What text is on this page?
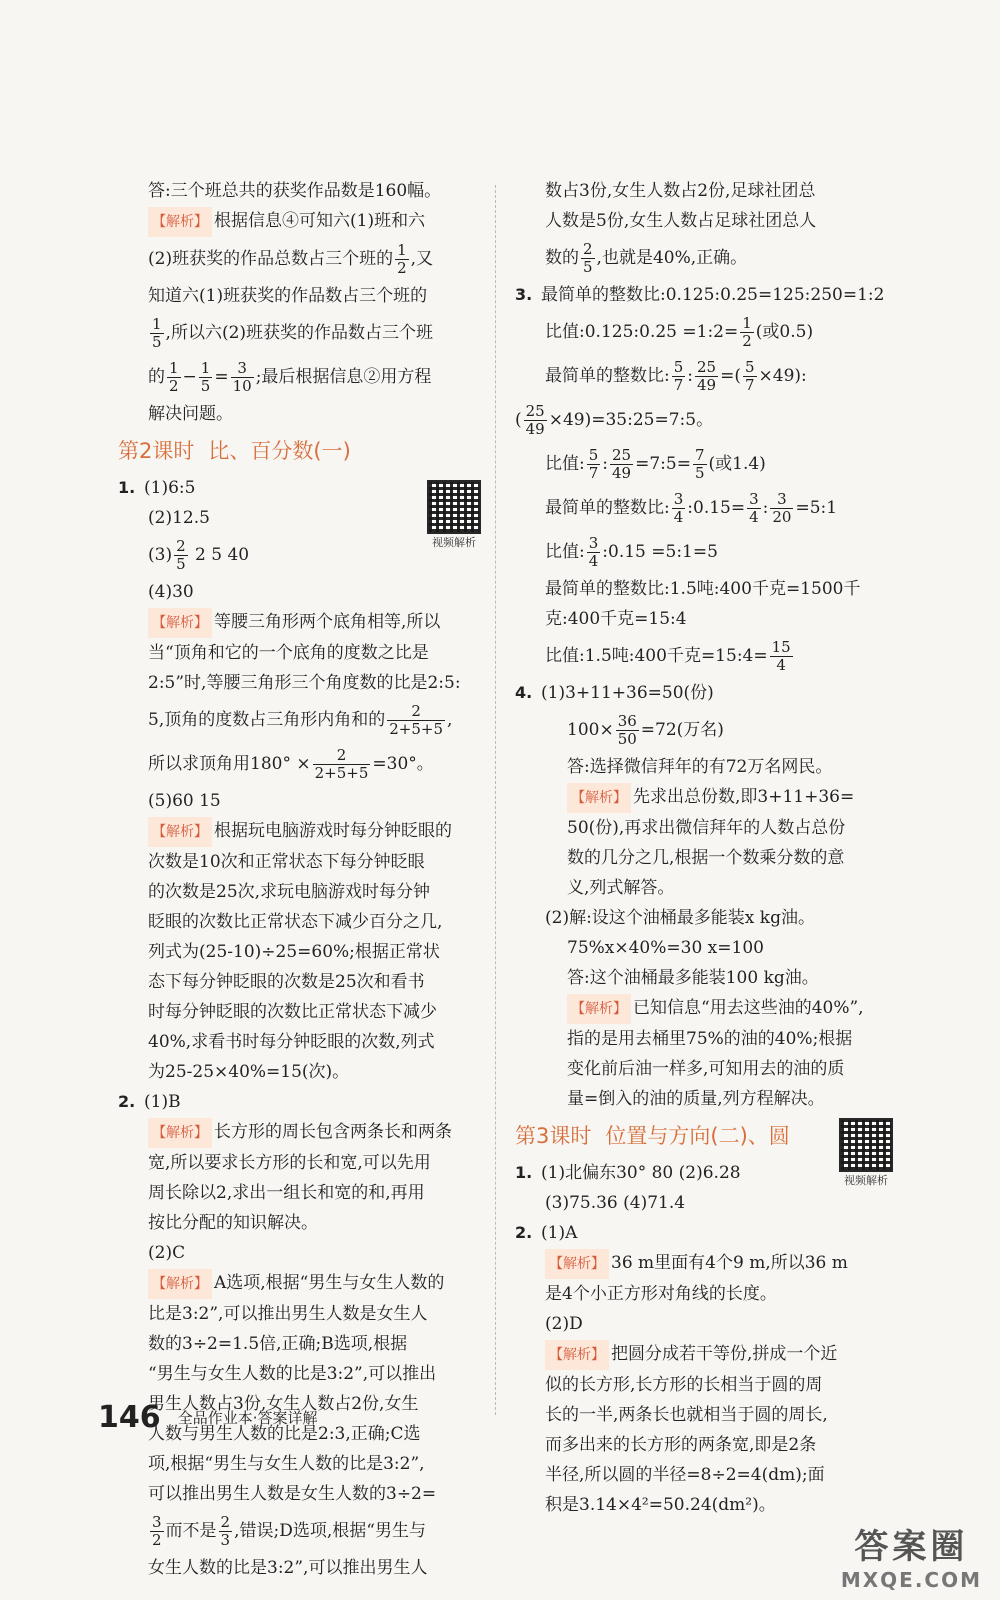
答:三个班总共的获奖作品数是160幅。

【解析】 根据信息④可知六(1)班和六

(2)班获奖的作品总数占三个班的 $\frac{1}{2}$ ,又

知道六(1)班获奖的作品数占三个班的

$\frac{1}{5}$ ,所以六(2)班获奖的作品数占三个班

的 $\frac{1}{2} - \frac{1}{5} = \frac{3}{10}$ ;最后根据信息②用方程

解决问题。

第2课时 比、百分数(一)

1. (1)6:5

(2)12.5

$(3) \frac{2}{5} 2$ 5 40

(4)30

【解析】 等腰三角形两个底角相等,所以

当“顶角和它的一个底角的度数之比是

2:5”时,等腰三角形三个角度数的比是2:5:

5,顶角的度数占三角形内角和的 $\frac{2}{2+5+5}$ ,

所以求顶角用$180^\circ \times \frac{2}{2+5+5} =30^\circ$。

(5)60 15

【解析】 根据玩电脑游戏时每分钟眨眼的

次数是10次和正常状态下每分钟眨眼

的次数是25次,求玩电脑游戏时每分钟

眨眼的次数比正常状态下减少百分之几,

列式为(25-10)÷25=60%;根据正常状

态下每分钟眨眼的次数是25次和看书

时每分钟眨眼的次数比正常状态下减少

40%,求看书时每分钟眨眼的次数,列式

为25-25×40%=15(次)。

2. (1)B

【解析】 长方形的周长包含两条长和两条

宽,所以要求长方形的长和宽,可以先用

周长除以2,求出一组长和宽的和,再用

按比分配的知识解决。

(2)C

【解析】 A选项,根据“男生与女生人数的

比是3:2”,可以推出男生人数是女生人

数的3÷2=1.5倍,正确;B选项,根据

“男生与女生人数的比是3:2”,可以推出

男生人数占3份,女生人数占2份,女生

人数与男生人数的比是2:3,正确;C选

项,根据“男生与女生人数的比是3:2”,

可以推出男生人数是女生人数的3÷2=

$\frac{3}{2}$ 而不是 $\frac{2}{3}$ ,错误;D选项,根据“男生与

女生人数的比是3:2”,可以推出男生人

视频解析

数占3份,女生人数占2份,足球社团总

人数是5份,女生人数占足球社团总人

数的 $\frac{2}{5}$ ,也就是40%,正确。

3. 最简单的整数比:0.125:0.25=125:250=1:2

比值:0.125:0.25 =1:2= $\frac{1}{2}$ (或0.5)

最简单的整数比: $\frac{5}{7}$ : $\frac{25}{49}$ =( $\frac{5}{7} \times 49$):

( $\frac{25}{49}$ ×49)=35:25=7:5。

比值: $\frac{5}{7}$ : $\frac{25}{49}$ =7:5= $\frac{7}{5}$ (或1.4)

最简单的整数比: $\frac{3}{4}$ :0.15= $\frac{3}{4}$ : $\frac{3}{20}$ =5:1

比值: $\frac{3}{4}$ :0.15 =5:1=5

最简单的整数比:1.5吨:400千克=1500千

克:400千克=15:4

比值:1.5吨:400千克=15:4= $\frac{15}{4}$

4. (1)3+11+36=50(份)

$100\times \frac{36}{50} =72$(万名)

答:选择微信拜年的有72万名网民。

【解析】 先求出总份数,即3+11+36=

50(份),再求出微信拜年的人数占总份

数的几分之几,根据一个数乘分数的意

义,列式解答。

(2)解:设这个油桶最多能装x kg油。

75%x×40%=30 x=100

答:这个油桶最多能装100 kg油。

【解析】 已知信息“用去这些油的40%”,

指的是用去桶里75%的油的40%;根据

变化前后油一样多,可知用去的油的质

量=倒入的油的质量,列方程解决。

第3课时 位置与方向(二)、圆

1. (1)北偏东30° 80 (2)6.28

(3)75.36 (4)71.4

2. (1)A

【解析】 36 m里面有4个9 m,所以36 m

是4个小正方形对角线的长度。

(2)D

【解析】 把圆分成若干等份,拼成一个近

似的长方形,长方形的长相当于圆的周

长的一半,两条长也就相当于圆的周长,

而多出来的长方形的两条宽,即是2条

半径,所以圆的半径=8÷2=4(dm);面

积是3.14×4²=50.24(dm²)。

视频解析
146 全品作业本·答案详解
答案圈
MXQE.COM
